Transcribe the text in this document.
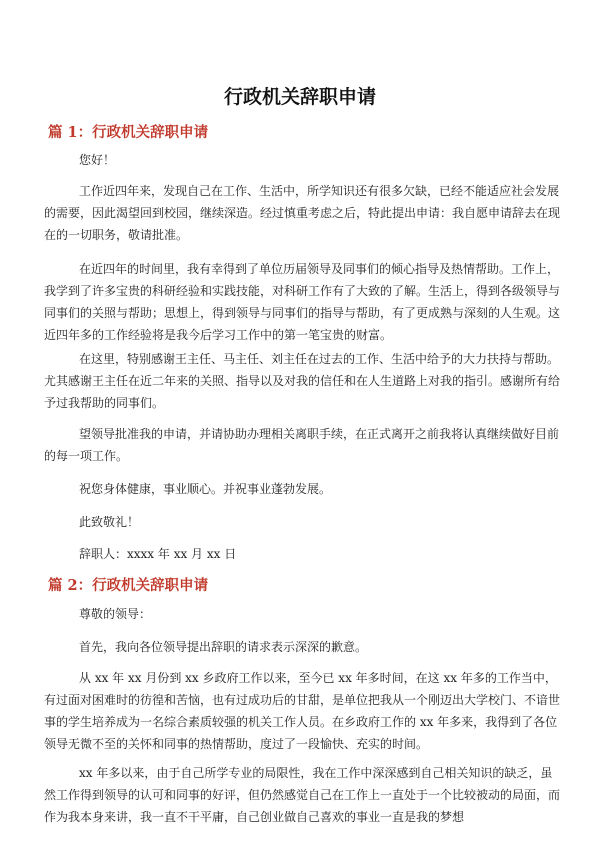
行政机关辞职申请
篇 1：行政机关辞职申请

您好！

工作近四年来，发现自己在工作、生活中，所学知识还有很多欠缺，已经不能适应社会发展的需要，因此渴望回到校园，继续深造。经过慎重考虑之后，特此提出申请：我自愿申请辞去在现在的一切职务，敬请批准。

在近四年的时间里，我有幸得到了单位历届领导及同事们的倾心指导及热情帮助。工作上，我学到了许多宝贵的科研经验和实践技能，对科研工作有了大致的了解。生活上，得到各级领导与同事们的关照与帮助；思想上，得到领导与同事们的指导与帮助，有了更成熟与深刻的人生观。这近四年多的工作经验将是我今后学习工作中的第一笔宝贵的财富。

在这里，特别感谢王主任、马主任、刘主任在过去的工作、生活中给予的大力扶持与帮助。尤其感谢王主任在近二年来的关照、指导以及对我的信任和在人生道路上对我的指引。感谢所有给予过我帮助的同事们。

望领导批准我的申请，并请协助办理相关离职手续，在正式离开之前我将认真继续做好目前的每一项工作。

祝您身体健康，事业顺心。并祝事业蓬勃发展。

此致敬礼！

辞职人：xxxx 年 xx 月 xx 日

篇 2：行政机关辞职申请

尊敬的领导：

首先，我向各位领导提出辞职的请求表示深深的歉意。

从 xx 年 xx 月份到 xx 乡政府工作以来，至今已 xx 年多时间，在这 xx 年多的工作当中，有过面对困难时的彷徨和苦恼，也有过成功后的甘甜，是单位把我从一个刚迈出大学校门、不谙世事的学生培养成为一名综合素质较强的机关工作人员。在乡政府工作的 xx 年多来，我得到了各位领导无微不至的关怀和同事的热情帮助，度过了一段愉快、充实的时间。

xx 年多以来，由于自己所学专业的局限性，我在工作中深深感到自己相关知识的缺乏，虽然工作得到领导的认可和同事的好评，但仍然感觉自己在工作上一直处于一个比较被动的局面，而作为我本身来讲，我一直不干平庸，自己创业做自己喜欢的事业一直是我的梦想
